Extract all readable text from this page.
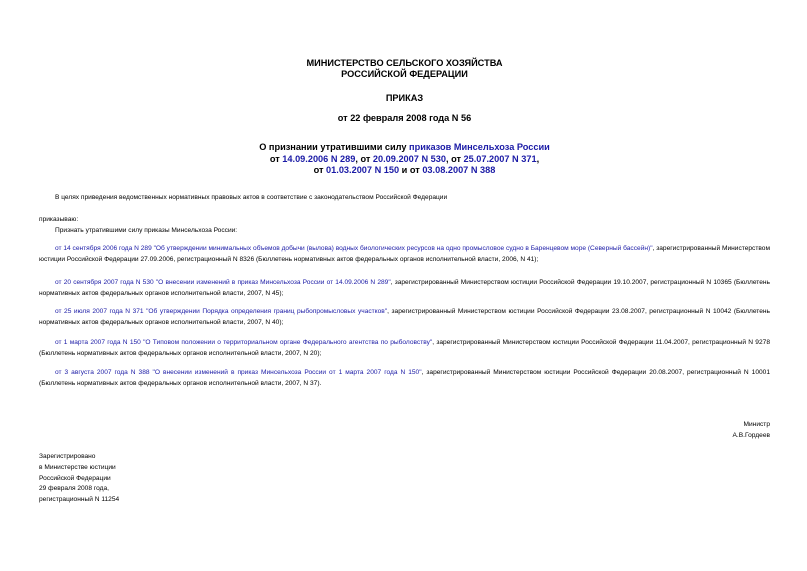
МИНИСТЕРСТВО СЕЛЬСКОГО ХОЗЯЙСТВА
РОССИЙСКОЙ ФЕДЕРАЦИИ
ПРИКАЗ
от 22 февраля 2008 года N 56
О признании утратившими силу приказов Минсельхоза России
от 14.09.2006 N 289, от 20.09.2007 N 530, от 25.07.2007 N 371,
от 01.03.2007 N 150 и от 03.08.2007 N 388
В целях приведения ведомственных нормативных правовых актов в соответствие с законодательством Российской Федерации
приказываю:
Признать утратившими силу приказы Минсельхоза России:
от 14 сентября 2006 года N 289 "Об утверждении минимальных объемов добычи (вылова) водных биологических ресурсов на одно промысловое судно в Баренцевом море (Северный бассейн)", зарегистрированный Министерством юстиции Российской Федерации 27.09.2006, регистрационный N 8326 (Бюллетень нормативных актов федеральных органов исполнительной власти, 2006, N 41);
от 20 сентября 2007 года N 530 "О внесении изменений в приказ Минсельхоза России от 14.09.2006 N 289", зарегистрированный Министерством юстиции Российской Федерации 19.10.2007, регистрационный N 10365 (Бюллетень нормативных актов федеральных органов исполнительной власти, 2007, N 45);
от 25 июля 2007 года N 371 "Об утверждении Порядка определения границ рыбопромысловых участков", зарегистрированный Министерством юстиции Российской Федерации 23.08.2007, регистрационный N 10042 (Бюллетень нормативных актов федеральных органов исполнительной власти, 2007, N 40);
от 1 марта 2007 года N 150 "О Типовом положении о территориальном органе Федерального агентства по рыболовству", зарегистрированный Министерством юстиции Российской Федерации 11.04.2007, регистрационный N 9278 (Бюллетень нормативных актов федеральных органов исполнительной власти, 2007, N 20);
от 3 августа 2007 года N 388 "О внесении изменений в приказ Минсельхоза России от 1 марта 2007 года N 150", зарегистрированный Министерством юстиции Российской Федерации 20.08.2007, регистрационный N 10001 (Бюллетень нормативных актов федеральных органов исполнительной власти, 2007, N 37).
Министр
А.В.Гордеев
Зарегистрировано
в Министерстве юстиции
Российской Федерации
29 февраля 2008 года,
регистрационный N 11254
